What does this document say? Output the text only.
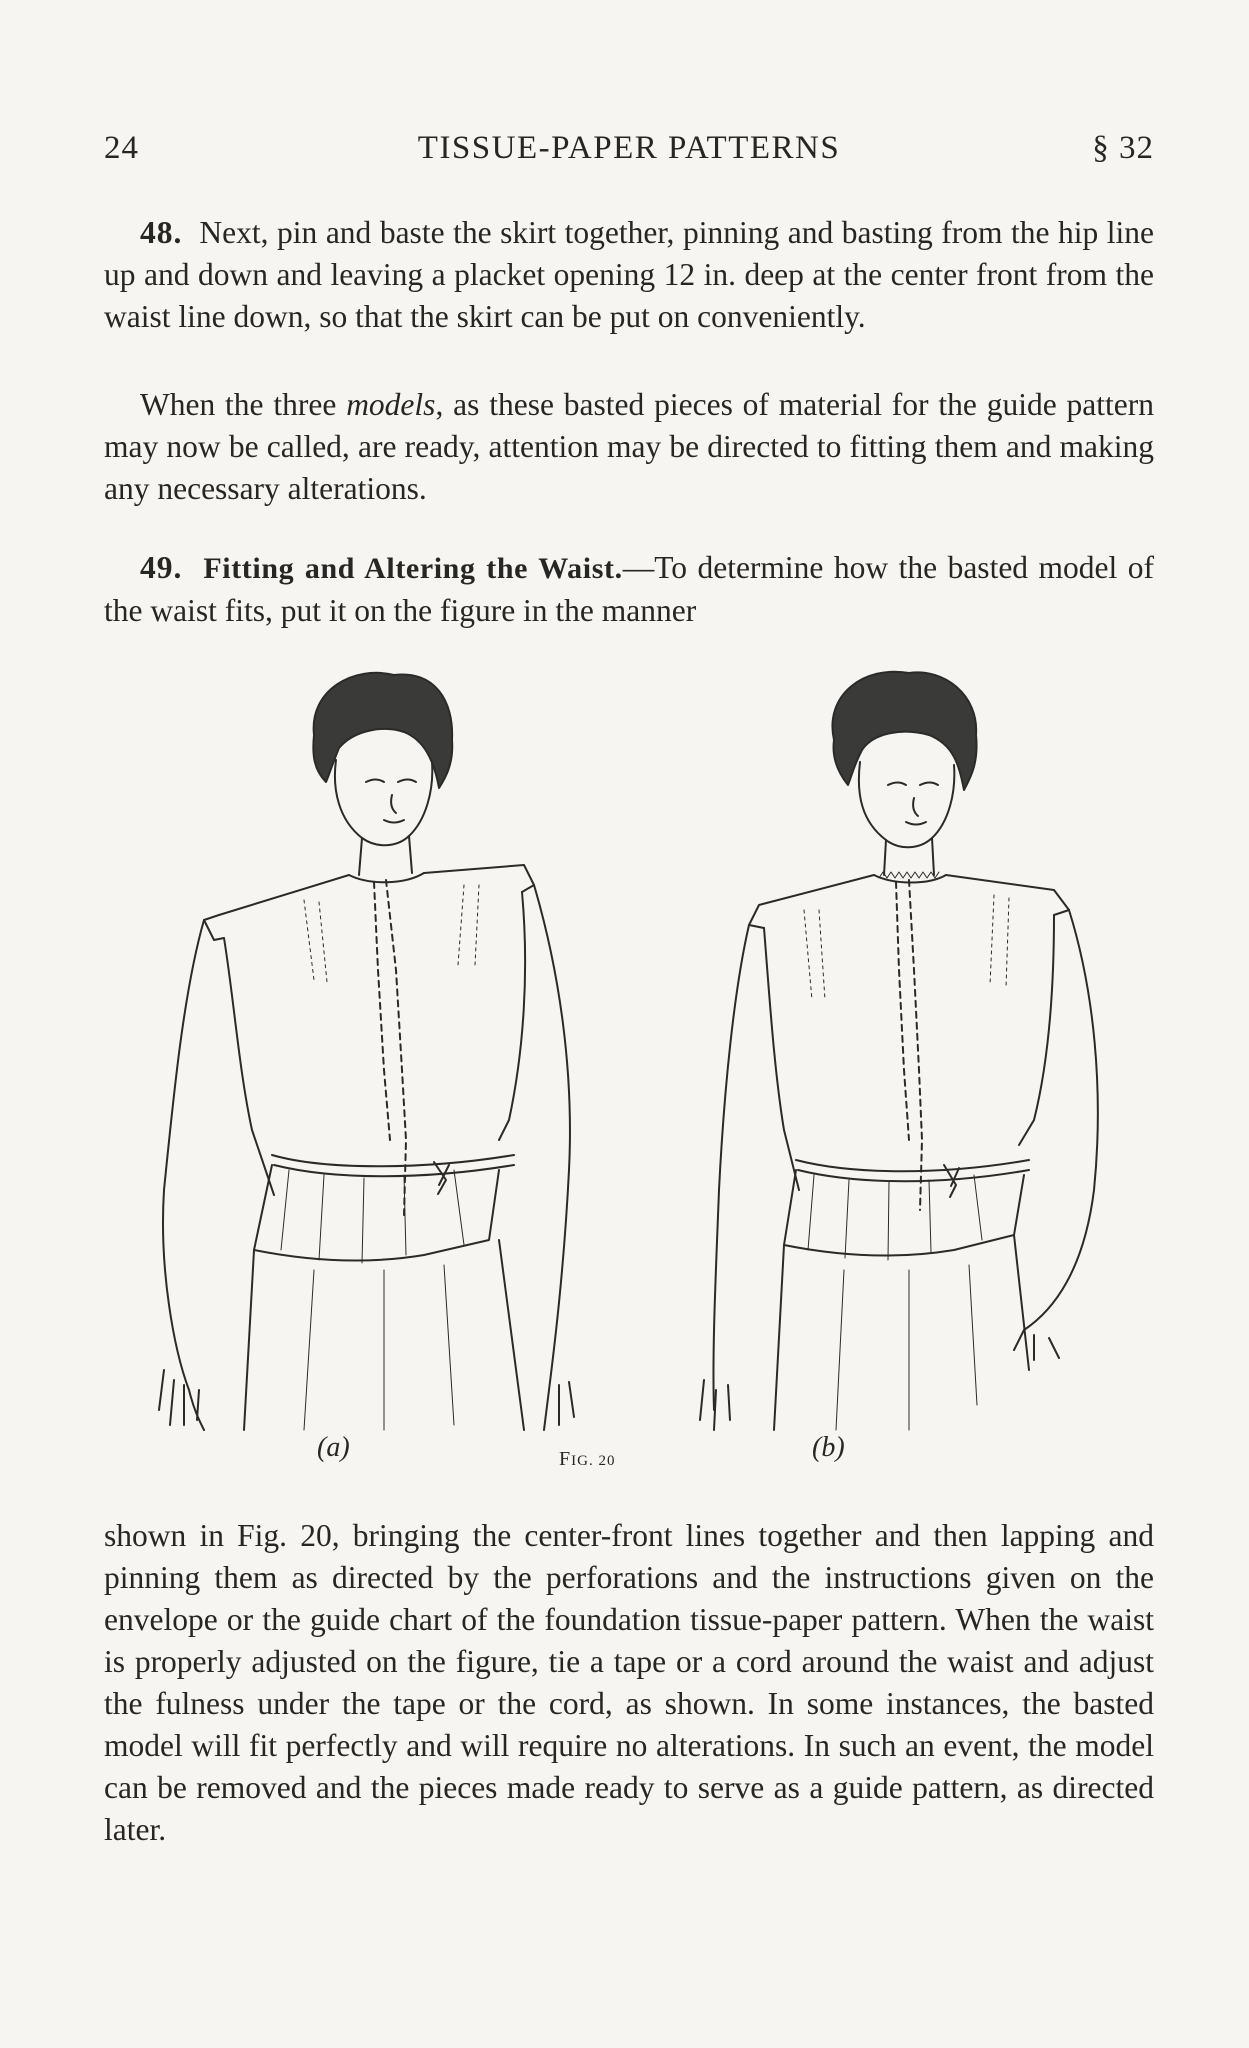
24	TISSUE-PAPER PATTERNS	§ 32

48. Next, pin and baste the skirt together, pinning and basting from the hip line up and down and leaving a placket opening 12 in. deep at the center front from the waist line down, so that the skirt can be put on conveniently.

When the three models, as these basted pieces of material for the guide pattern may now be called, are ready, attention may be directed to fitting them and making any necessary alterations.

49. Fitting and Altering the Waist.—To determine how the basted model of the waist fits, put it on the figure in the manner

(a)	FIG. 20	(b)

shown in Fig. 20, bringing the center-front lines together and then lapping and pinning them as directed by the perforations and the instructions given on the envelope or the guide chart of the foundation tissue-paper pattern. When the waist is properly adjusted on the figure, tie a tape or a cord around the waist and adjust the fulness under the tape or the cord, as shown. In some instances, the basted model will fit perfectly and will require no alterations. In such an event, the model can be removed and the pieces made ready to serve as a guide pattern, as directed later.
